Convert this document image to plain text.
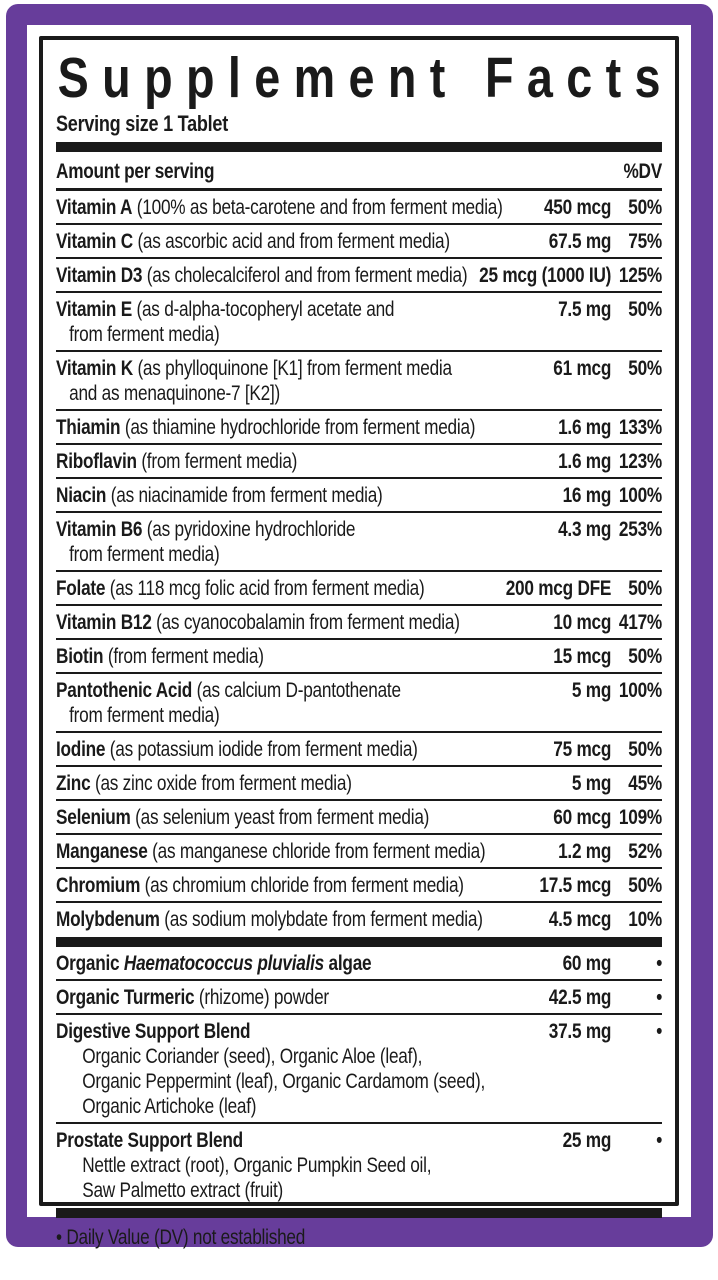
S u p p l e m e n t
F a c t s
Serving size 1 Tablet
Amount per serving	%DV
Vitamin A (100% as beta-carotene and from ferment media)	450 mcg 50%
Vitamin C (as ascorbic acid and from ferment media)	67.5 mg 75%
Vitamin D3 (as cholecalciferol and from ferment media) 25 mcg (1000 IU) 125%
Vitamin E (as d-alpha-tocopheryl acetate and	7.5 mg 50%
from ferment media)
Vitamin K (as phylloquinone [K1] from ferment media	61 mcg 50%
and as menaquinone-7 [K2])
Thiamin (as thiamine hydrochloride from ferment media)	1.6 mg 133%
Riboflavin (from ferment media)	1.6 mg 123%
Niacin (as niacinamide from ferment media)	16 mg 100%
Vitamin B6 (as pyridoxine hydrochloride	4.3 mg 253%
from ferment media)
Folate (as 118 mcg folic acid from ferment media)	200 mcg DFE 50%
Vitamin B12 (as cyanocobalamin from ferment media)	10 mcg 417%
Biotin (from ferment media)	15 mcg 50%
Pantothenic Acid (as calcium D-pantothenate	5 mg 100%
from ferment media)
Iodine (as potassium iodide from ferment media)	75 mcg 50%
Zinc (as zinc oxide from ferment media)	5 mg 45%
Selenium (as selenium yeast from ferment media)	60 mcg 109%
Manganese (as manganese chloride from ferment media)	1.2 mg 52%
Chromium (as chromium chloride from ferment media)	17.5 mcg 50%
Molybdenum (as sodium molybdate from ferment media)	4.5 mcg 10%
Organic Haematococcus pluvialis algae	60 mg	•
Organic Turmeric (rhizome) powder	42.5 mg	•
Digestive Support Blend	37.5 mg	•
Organic Coriander (seed), Organic Aloe (leaf),
Organic Peppermint (leaf), Organic Cardamom (seed),
Organic Artichoke (leaf)
Prostate Support Blend	25 mg	•
Nettle extract (root), Organic Pumpkin Seed oil,
Saw Palmetto extract (fruit)
• Daily Value (DV) not established
